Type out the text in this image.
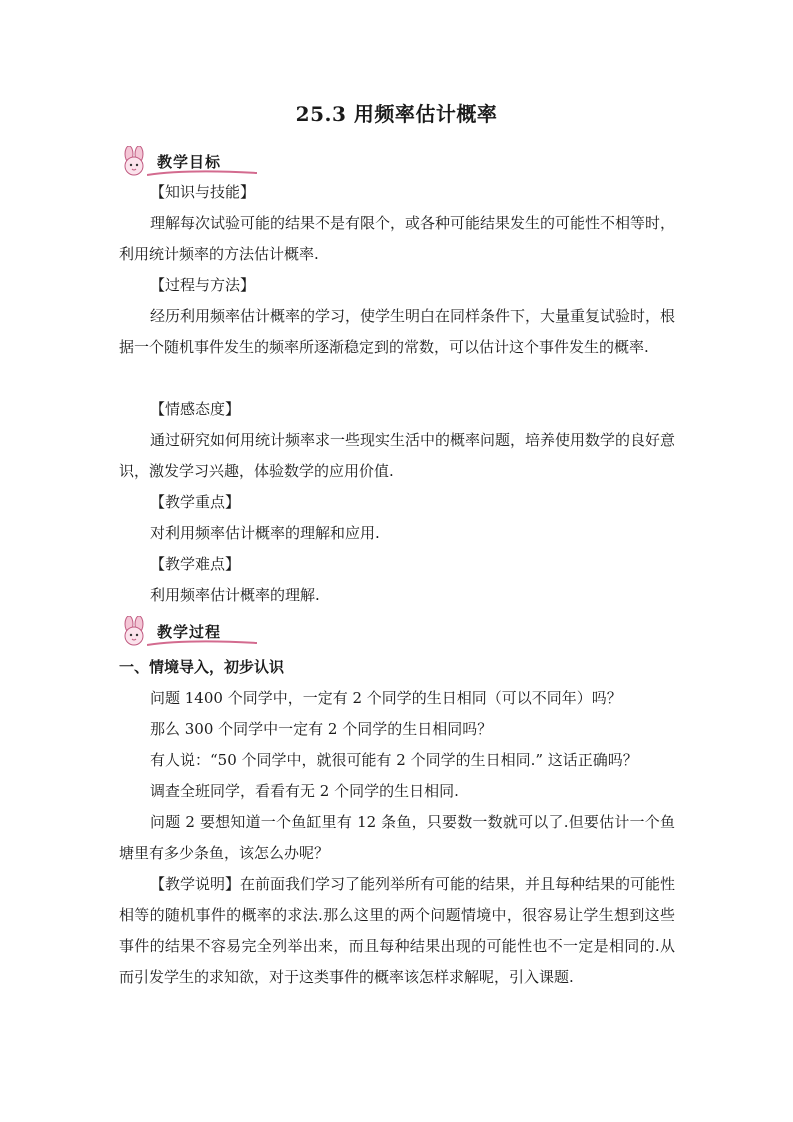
25.3 用频率估计概率
教学目标
【知识与技能】
理解每次试验可能的结果不是有限个，或各种可能结果发生的可能性不相等时，利用统计频率的方法估计概率.
【过程与方法】
经历利用频率估计概率的学习，使学生明白在同样条件下，大量重复试验时，根据一个随机事件发生的频率所逐渐稳定到的常数，可以估计这个事件发生的概率.
【情感态度】
通过研究如何用统计频率求一些现实生活中的概率问题，培养使用数学的良好意识，激发学习兴趣，体验数学的应用价值.
【教学重点】
对利用频率估计概率的理解和应用.
【教学难点】
利用频率估计概率的理解.
教学过程
一、情境导入，初步认识
问题 1400 个同学中，一定有 2 个同学的生日相同（可以不同年）吗？
那么 300 个同学中一定有 2 个同学的生日相同吗？
有人说：“50 个同学中，就很可能有 2 个同学的生日相同.” 这话正确吗？
调查全班同学，看看有无 2 个同学的生日相同.
问题 2 要想知道一个鱼缸里有 12 条鱼，只要数一数就可以了.但要估计一个鱼塘里有多少条鱼，该怎么办呢？
【教学说明】在前面我们学习了能列举所有可能的结果，并且每种结果的可能性相等的随机事件的概率的求法.那么这里的两个问题情境中，很容易让学生想到这些事件的结果不容易完全列举出来，而且每种结果出现的可能性也不一定是相同的.从而引发学生的求知欲，对于这类事件的概率该怎样求解呢，引入课题.
